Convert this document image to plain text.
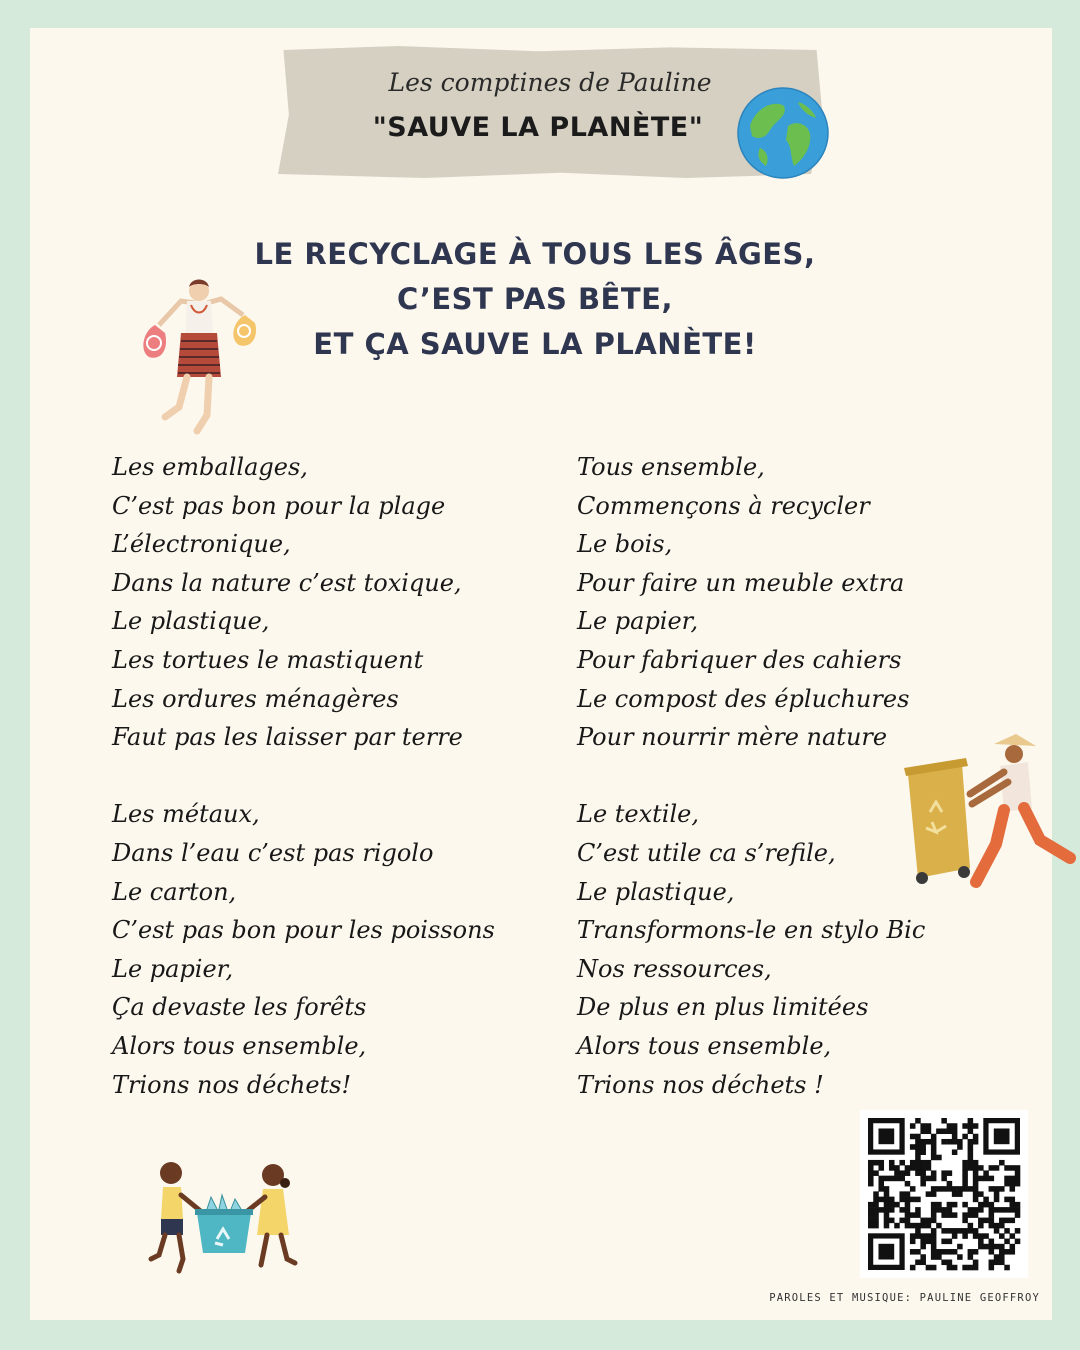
Les comptines de Pauline
"SAUVE LA PLANÈTE"
LE RECYCLAGE À TOUS LES ÂGES,
C’EST PAS BÊTE,
ET ÇA SAUVE LA PLANÈTE!
Les emballages,
C’est pas bon pour la plage
L’électronique,
Dans la nature c’est toxique,
Le plastique,
Les tortues le mastiquent
Les ordures ménagères
Faut pas les laisser par terre
Les métaux,
Dans l’eau c’est pas rigolo
Le carton,
C’est pas bon pour les poissons
Le papier,
Ça devaste les forêts
Alors tous ensemble,
Trions nos déchets!
Tous ensemble,
Commençons à recycler
Le bois,
Pour faire un meuble extra
Le papier,
Pour fabriquer des cahiers
Le compost des épluchures
Pour nourrir mère nature
Le textile,
C’est utile ca s’refile,
Le plastique,
Transformons-le en stylo Bic
Nos ressources,
De plus en plus limitées
Alors tous ensemble,
Trions nos déchets !
PAROLES ET MUSIQUE: PAULINE GEOFFROY
